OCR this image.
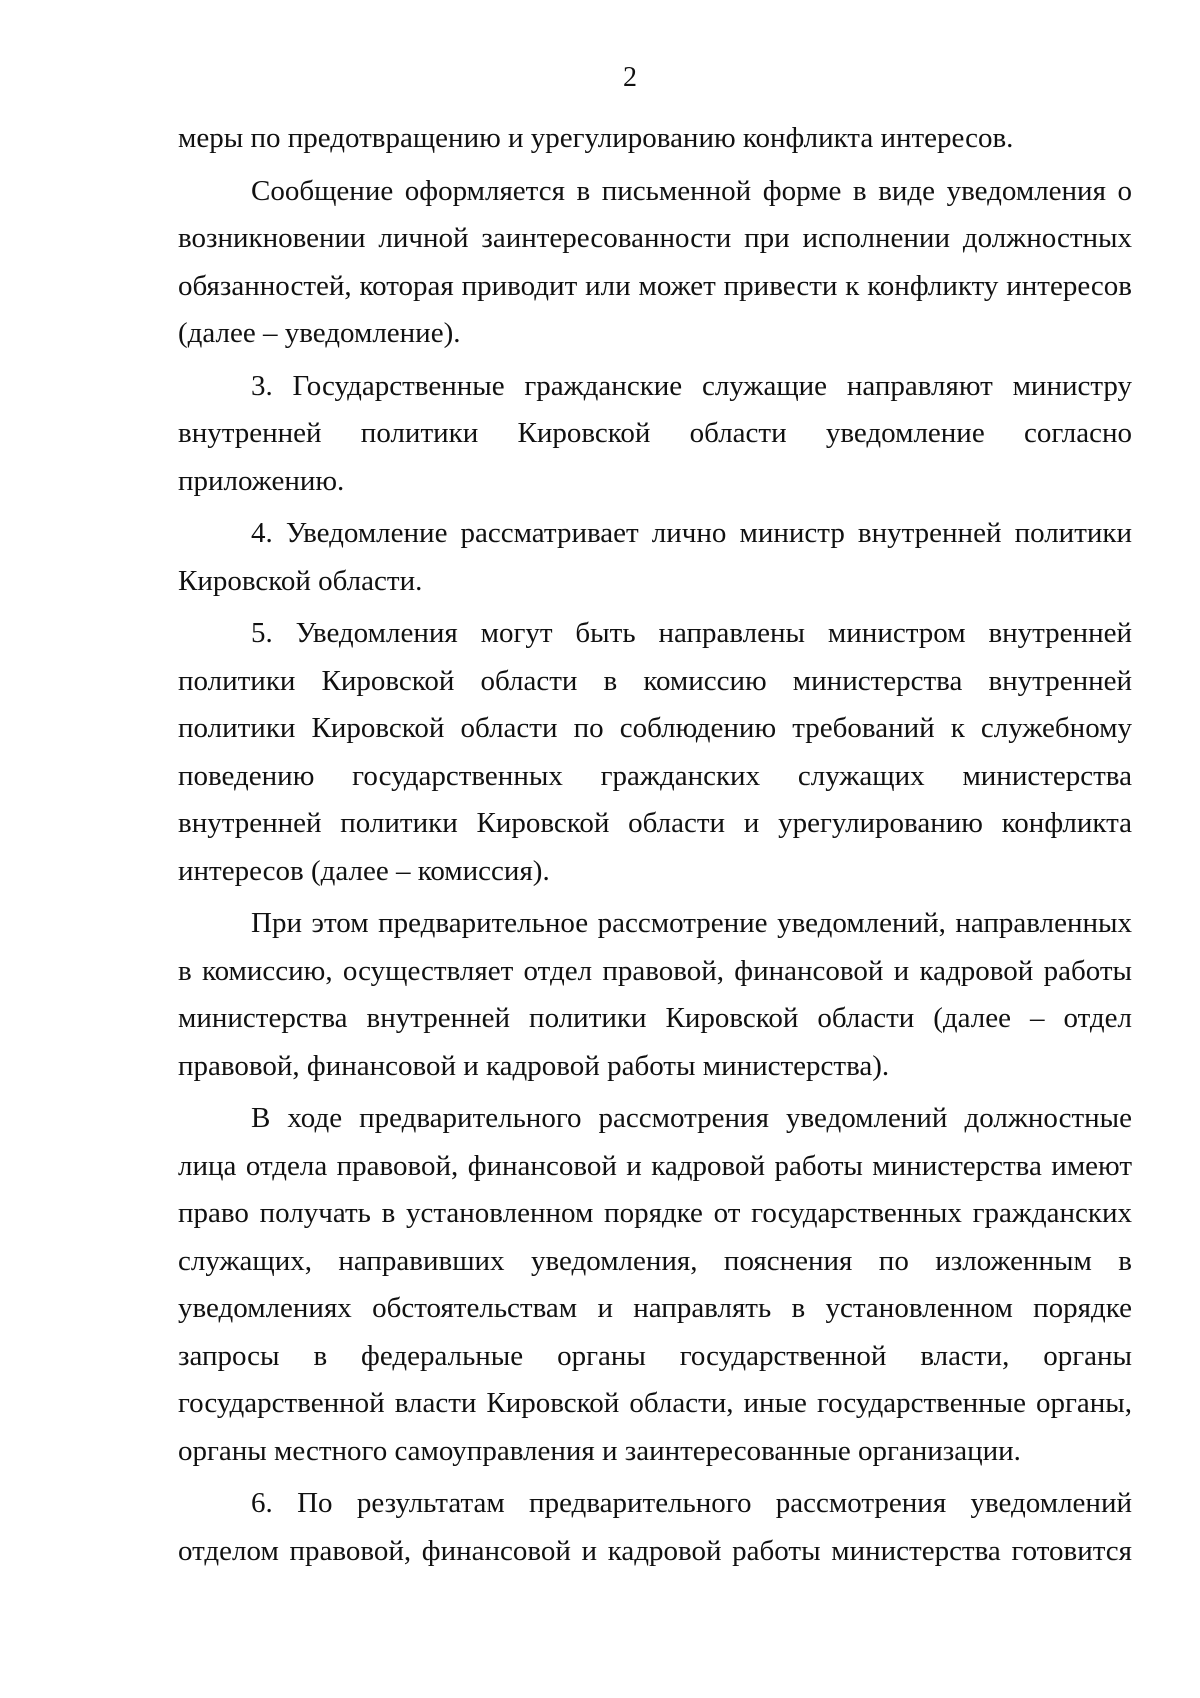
2

меры по предотвращению и урегулированию конфликта интересов.

Сообщение оформляется в письменной форме в виде уведомления о возникновении личной заинтересованности при исполнении должностных обязанностей, которая приводит или может привести к конфликту интересов (далее – уведомление).

3. Государственные гражданские служащие направляют министру внутренней политики Кировской области уведомление согласно приложению.

4. Уведомление рассматривает лично министр внутренней политики Кировской области.

5. Уведомления могут быть направлены министром внутренней политики Кировской области в комиссию министерства внутренней политики Кировской области по соблюдению требований к служебному поведению государственных гражданских служащих министерства внутренней политики Кировской области и урегулированию конфликта интересов (далее – комиссия).

При этом предварительное рассмотрение уведомлений, направленных в комиссию, осуществляет отдел правовой, финансовой и кадровой работы министерства внутренней политики Кировской области (далее – отдел правовой, финансовой и кадровой работы министерства).

В ходе предварительного рассмотрения уведомлений должностные лица отдела правовой, финансовой и кадровой работы министерства имеют право получать в установленном порядке от государственных гражданских служащих, направивших уведомления, пояснения по изложенным в уведомлениях обстоятельствам и направлять в установленном порядке запросы в федеральные органы государственной власти, органы государственной власти Кировской области, иные государственные органы, органы местного самоуправления и заинтересованные организации.

6. По результатам предварительного рассмотрения уведомлений отделом правовой, финансовой и кадровой работы министерства готовится
